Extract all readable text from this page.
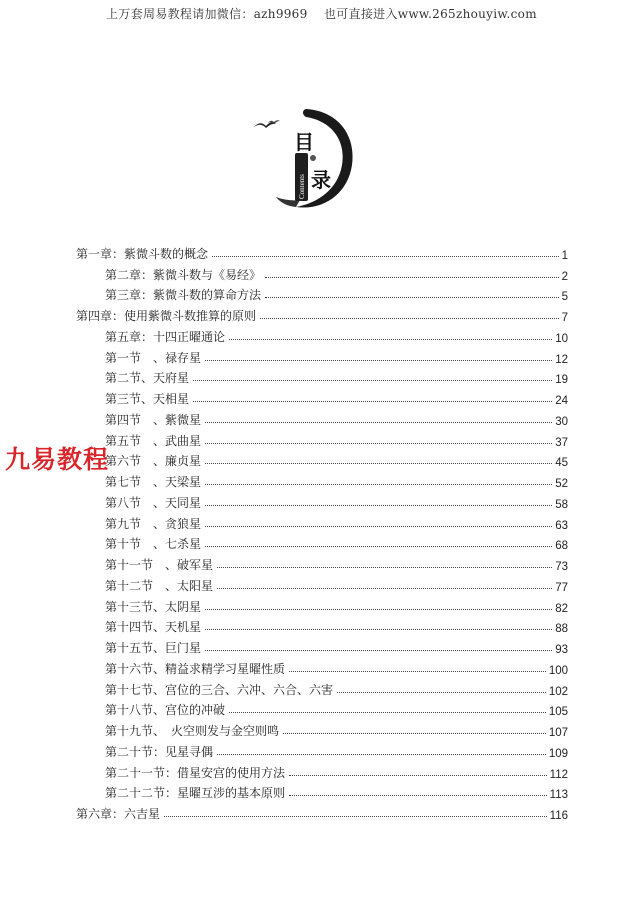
上万套周易教程请加微信：azh9969　 也可直接进入www.265zhouyiw.com
Contents
目
录
九易教程
第一章：紫微斗数的概念	1
第二章：紫微斗数与《易经》	2
第三章：紫微斗数的算命方法	5
第四章：使用紫微斗数推算的原则	7
第五章：十四正曜通论	10
第一节　、禄存星	12
第二节、天府星	19
第三节、天相星	24
第四节　、紫微星	30
第五节　、武曲星	37
第六节　、廉贞星	45
第七节　、天梁星	52
第八节　、天同星	58
第九节　、贪狼星	63
第十节　、七杀星	68
第十一节　、破军星	73
第十二节　、太阳星	77
第十三节、太阴星	82
第十四节、天机星	88
第十五节、巨门星	93
第十六节、精益求精学习星曜性质	100
第十七节、宫位的三合、六冲、六合、六害	102
第十八节、宫位的冲破	105
第十九节、　火空则发与金空则鸣	107
第二十节：见星寻偶	109
第二十一节：借星安宫的使用方法	112
第二十二节：星曜互涉的基本原则	113
第六章：六吉星	116
